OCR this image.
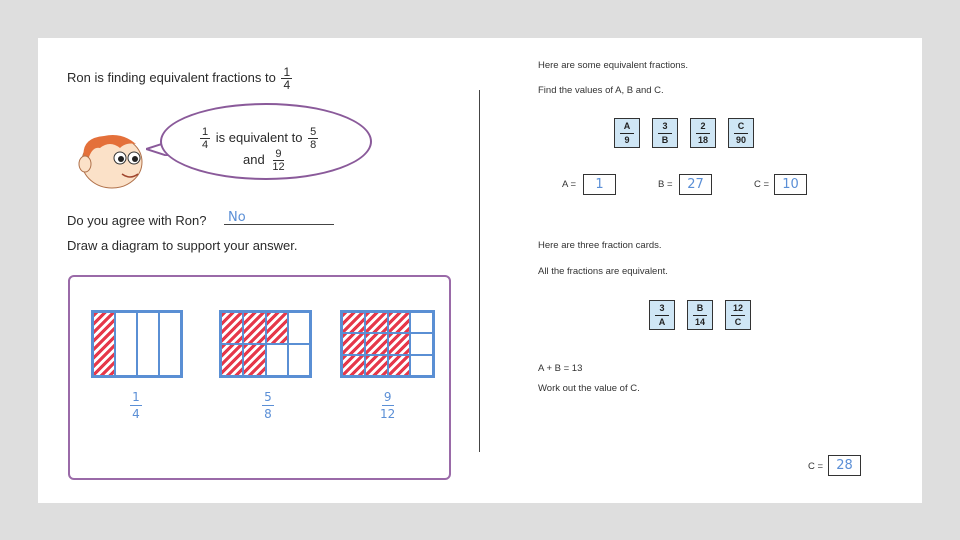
Ron is finding equivalent fractions to $\frac{1}{4}$
$\frac{1}{4}$ is equivalent to $\frac{5}{8}$
and $\frac{9}{12}$
Do you agree with Ron? No
Draw a diagram to support your answer.
1
4
5
8
9
12
Here are some equivalent fractions.
Find the values of A, B and C.
A
9
3
B
2
18
C
90
A =	1	B =	27	C =	10
Here are three fraction cards.
All the fractions are equivalent.
3
A
B
14
12
C
A + B = 13
Work out the value of C.
C =	28
